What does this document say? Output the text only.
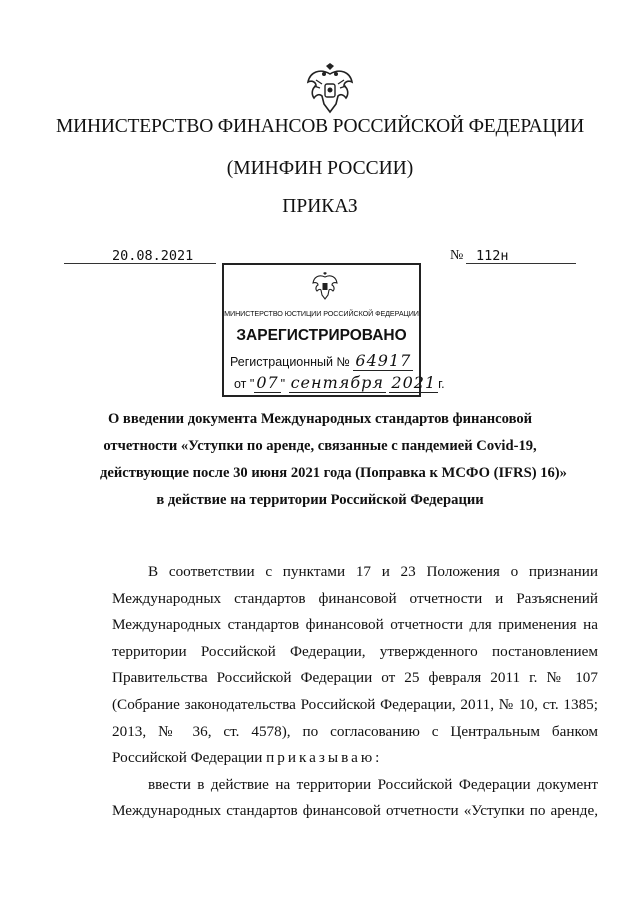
МИНИСТЕРСТВО ФИНАНСОВ РОССИЙСКОЙ ФЕДЕРАЦИИ
(МИНФИН РОССИИ)
ПРИКАЗ
20.08.2021	№ 112н
МИНИСТЕРСТВО ЮСТИЦИИ РОССИЙСКОЙ ФЕДЕРАЦИИ
ЗАРЕГИСТРИРОВАНО
Регистрационный № 64917
от " 07 " сентября 2021 г.
О введении документа Международных стандартов финансовой
отчетности «Уступки по аренде, связанные с пандемией Covid-19,
действующие после 30 июня 2021 года (Поправка к МСФО (IFRS) 16)»
в действие на территории Российской Федерации
В соответствии с пунктами 17 и 23 Положения о признании
Международных стандартов финансовой отчетности и Разъяснений
Международных стандартов финансовой отчетности для применения на
территории Российской Федерации, утвержденного постановлением
Правительства Российской Федерации от 25 февраля 2011 г. № 107
(Собрание законодательства Российской Федерации, 2011, № 10, ст. 1385;
2013, № 36, ст. 4578), по согласованию с Центральным банком
Российской Федерации приказываю:
ввести в действие на территории Российской Федерации документ
Международных стандартов финансовой отчетности «Уступки по аренде,
